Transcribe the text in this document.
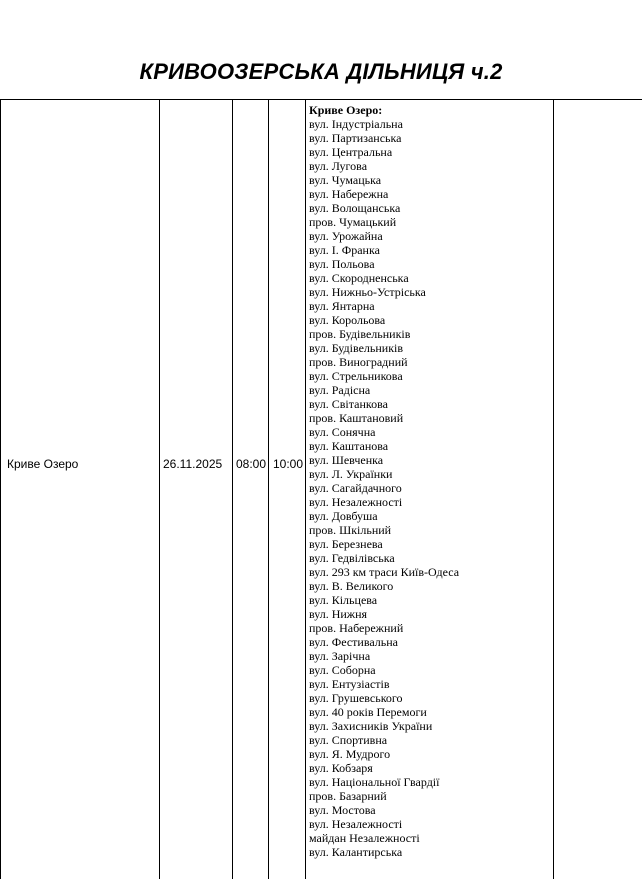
КРИВООЗЕРСЬКА ДІЛЬНИЦЯ ч.2
Криве Озеро	26.11.2025 08:00 10:00
Криве Озеро:
вул. Індустріальна
вул. Партизанська
вул. Центральна
вул. Лугова
вул. Чумацька
вул. Набережна
вул. Волощанська
пров. Чумацький
вул. Урожайна
вул. І. Франка
вул. Польова
вул. Скородненська
вул. Нижньо-Устріська
вул. Янтарна
вул. Корольова
пров. Будівельників
вул. Будівельників
пров. Виноградний
вул. Стрельникова
вул. Радісна
вул. Світанкова
пров. Каштановий
вул. Сонячна
вул. Каштанова
вул. Шевченка
вул. Л. Українки
вул. Сагайдачного
вул. Незалежності
вул. Довбуша
пров. Шкільний
вул. Березнева
вул. Гедвілівська
вул. 293 км траси Київ-Одеса
вул. В. Великого
вул. Кільцева
вул. Нижня
пров. Набережний
вул. Фестивальна
вул. Зарічна
вул. Соборна
вул. Ентузіастів
вул. Грушевського
вул. 40 років Перемоги
вул. Захисників України
вул. Спортивна
вул. Я. Мудрого
вул. Кобзаря
вул. Національної Гвардії
пров. Базарний
вул. Мостова
вул. Незалежності
майдан Незалежності
вул. Калантирська
